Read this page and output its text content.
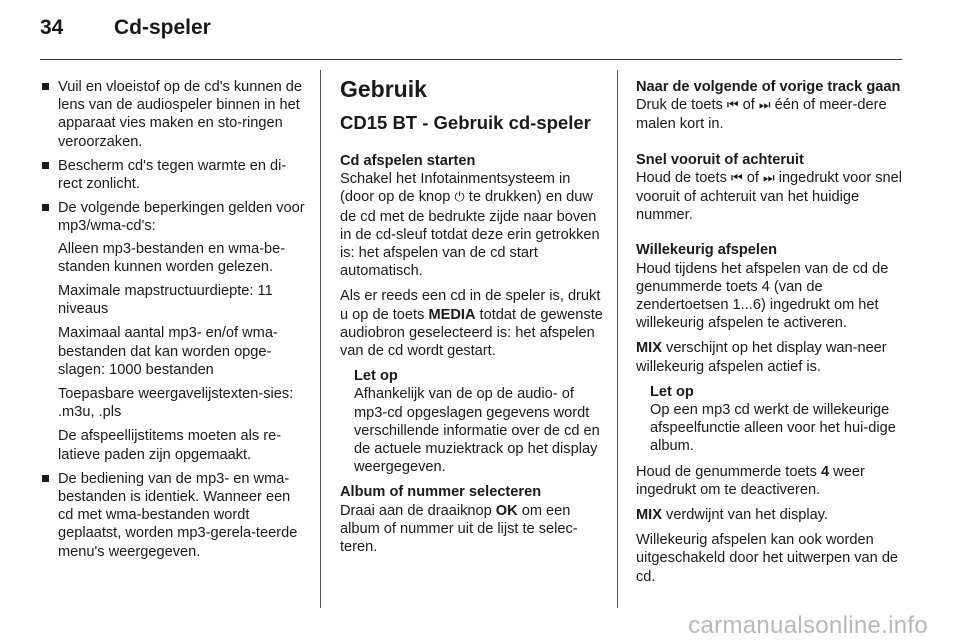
34 Cd-speler
Vuil en vloeistof op de cd's kunnen de lens van de audiospeler binnen in het apparaat vies maken en sto-ringen veroorzaken.
Bescherm cd's tegen warmte en di-rect zonlicht.
De volgende beperkingen gelden voor mp3/wma-cd's:

Alleen mp3-bestanden en wma-be-standen kunnen worden gelezen.

Maximale mapstructuurdiepte: 11 niveaus

Maximaal aantal mp3- en/of wma-bestanden dat kan worden opge-slagen: 1000 bestanden

Toepasbare weergavelijstexten-sies: .m3u, .pls

De afspeellijstitems moeten als re-latieve paden zijn opgemaakt.

De bediening van de mp3- en wma-bestanden is identiek. Wanneer een cd met wma-bestanden wordt geplaatst, worden mp3-gerela-teerde menu's weergegeven.
Gebruik
CD15 BT - Gebruik cd-speler
Cd afspelen starten

Schakel het Infotainmentsysteem in (door op de knop ⏻ te drukken) en duw de cd met de bedrukte zijde naar boven in de cd-sleuf totdat deze erin getrokken is: het afspelen van de cd start automatisch.

Als er reeds een cd in de speler is, drukt u op de toets MEDIA totdat de gewenste audiobron geselecteerd is: het afspelen van de cd wordt gestart.

Let op
Afhankelijk van de op de audio- of mp3-cd opgeslagen gegevens wordt verschillende informatie over de cd en de actuele muziektrack op het display weergegeven.
Album of nummer selecteren

Draai aan de draaiknop OK om een album of nummer uit de lijst te selec-teren.

Naar de volgende of vorige track gaan

Druk de toets ⏮ of ⏭ één of meer-dere malen kort in.

Snel vooruit of achteruit

Houd de toets ⏮ of ⏭ ingedrukt voor snel vooruit of achteruit van het huidige nummer.

Willekeurig afspelen

Houd tijdens het afspelen van de cd de genummerde toets 4 (van de zendertoetsen 1...6) ingedrukt om het willekeurig afspelen te activeren.

MIX verschijnt op het display wan-neer willekeurig afspelen actief is.

Let op
Op een mp3 cd werkt de willekeurige afspeelfunctie alleen voor het hui-dige album.

Houd de genummerde toets 4 weer ingedrukt om te deactiveren.

MIX verdwijnt van het display.

Willekeurig afspelen kan ook worden uitgeschakeld door het uitwerpen van de cd.

carmanualsonline.info
